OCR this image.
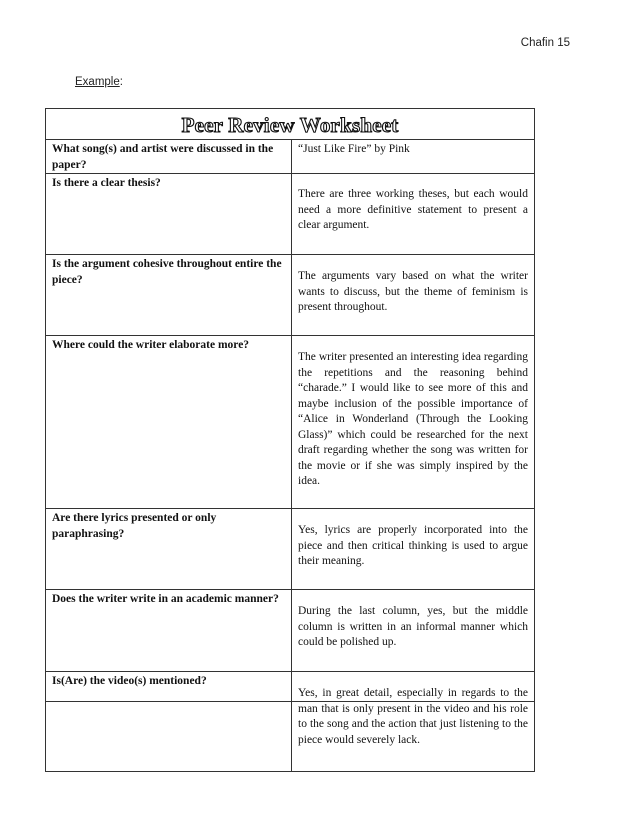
Chafin 15
Example:
Peer Review Worksheet
What song(s) and artist were discussed in the paper?	“Just Like Fire” by Pink

Is there a clear thesis?	There are three working theses, but each would need a more definitive statement to present a clear argument.

Is the argument cohesive throughout entire the piece?	The arguments vary based on what the writer wants to discuss, but the theme of feminism is present throughout.

Where could the writer elaborate more?	The writer presented an interesting idea regarding the repetitions and the reasoning behind “charade.” I would like to see more of this and maybe inclusion of the possible importance of “Alice in Wonderland (Through the Looking Glass)” which could be researched for the next draft regarding whether the song was written for the movie or if she was simply inspired by the idea.

Are there lyrics presented or only paraphrasing?	Yes, lyrics are properly incorporated into the piece and then critical thinking is used to argue their meaning.

Does the writer write in an academic manner?	During the last column, yes, but the middle column is written in an informal manner which could be polished up.

Is(Are) the video(s) mentioned?	Yes, in great detail, especially in regards to the man that is only present in the video and his role to the song and the action that just listening to the piece would severely lack.
